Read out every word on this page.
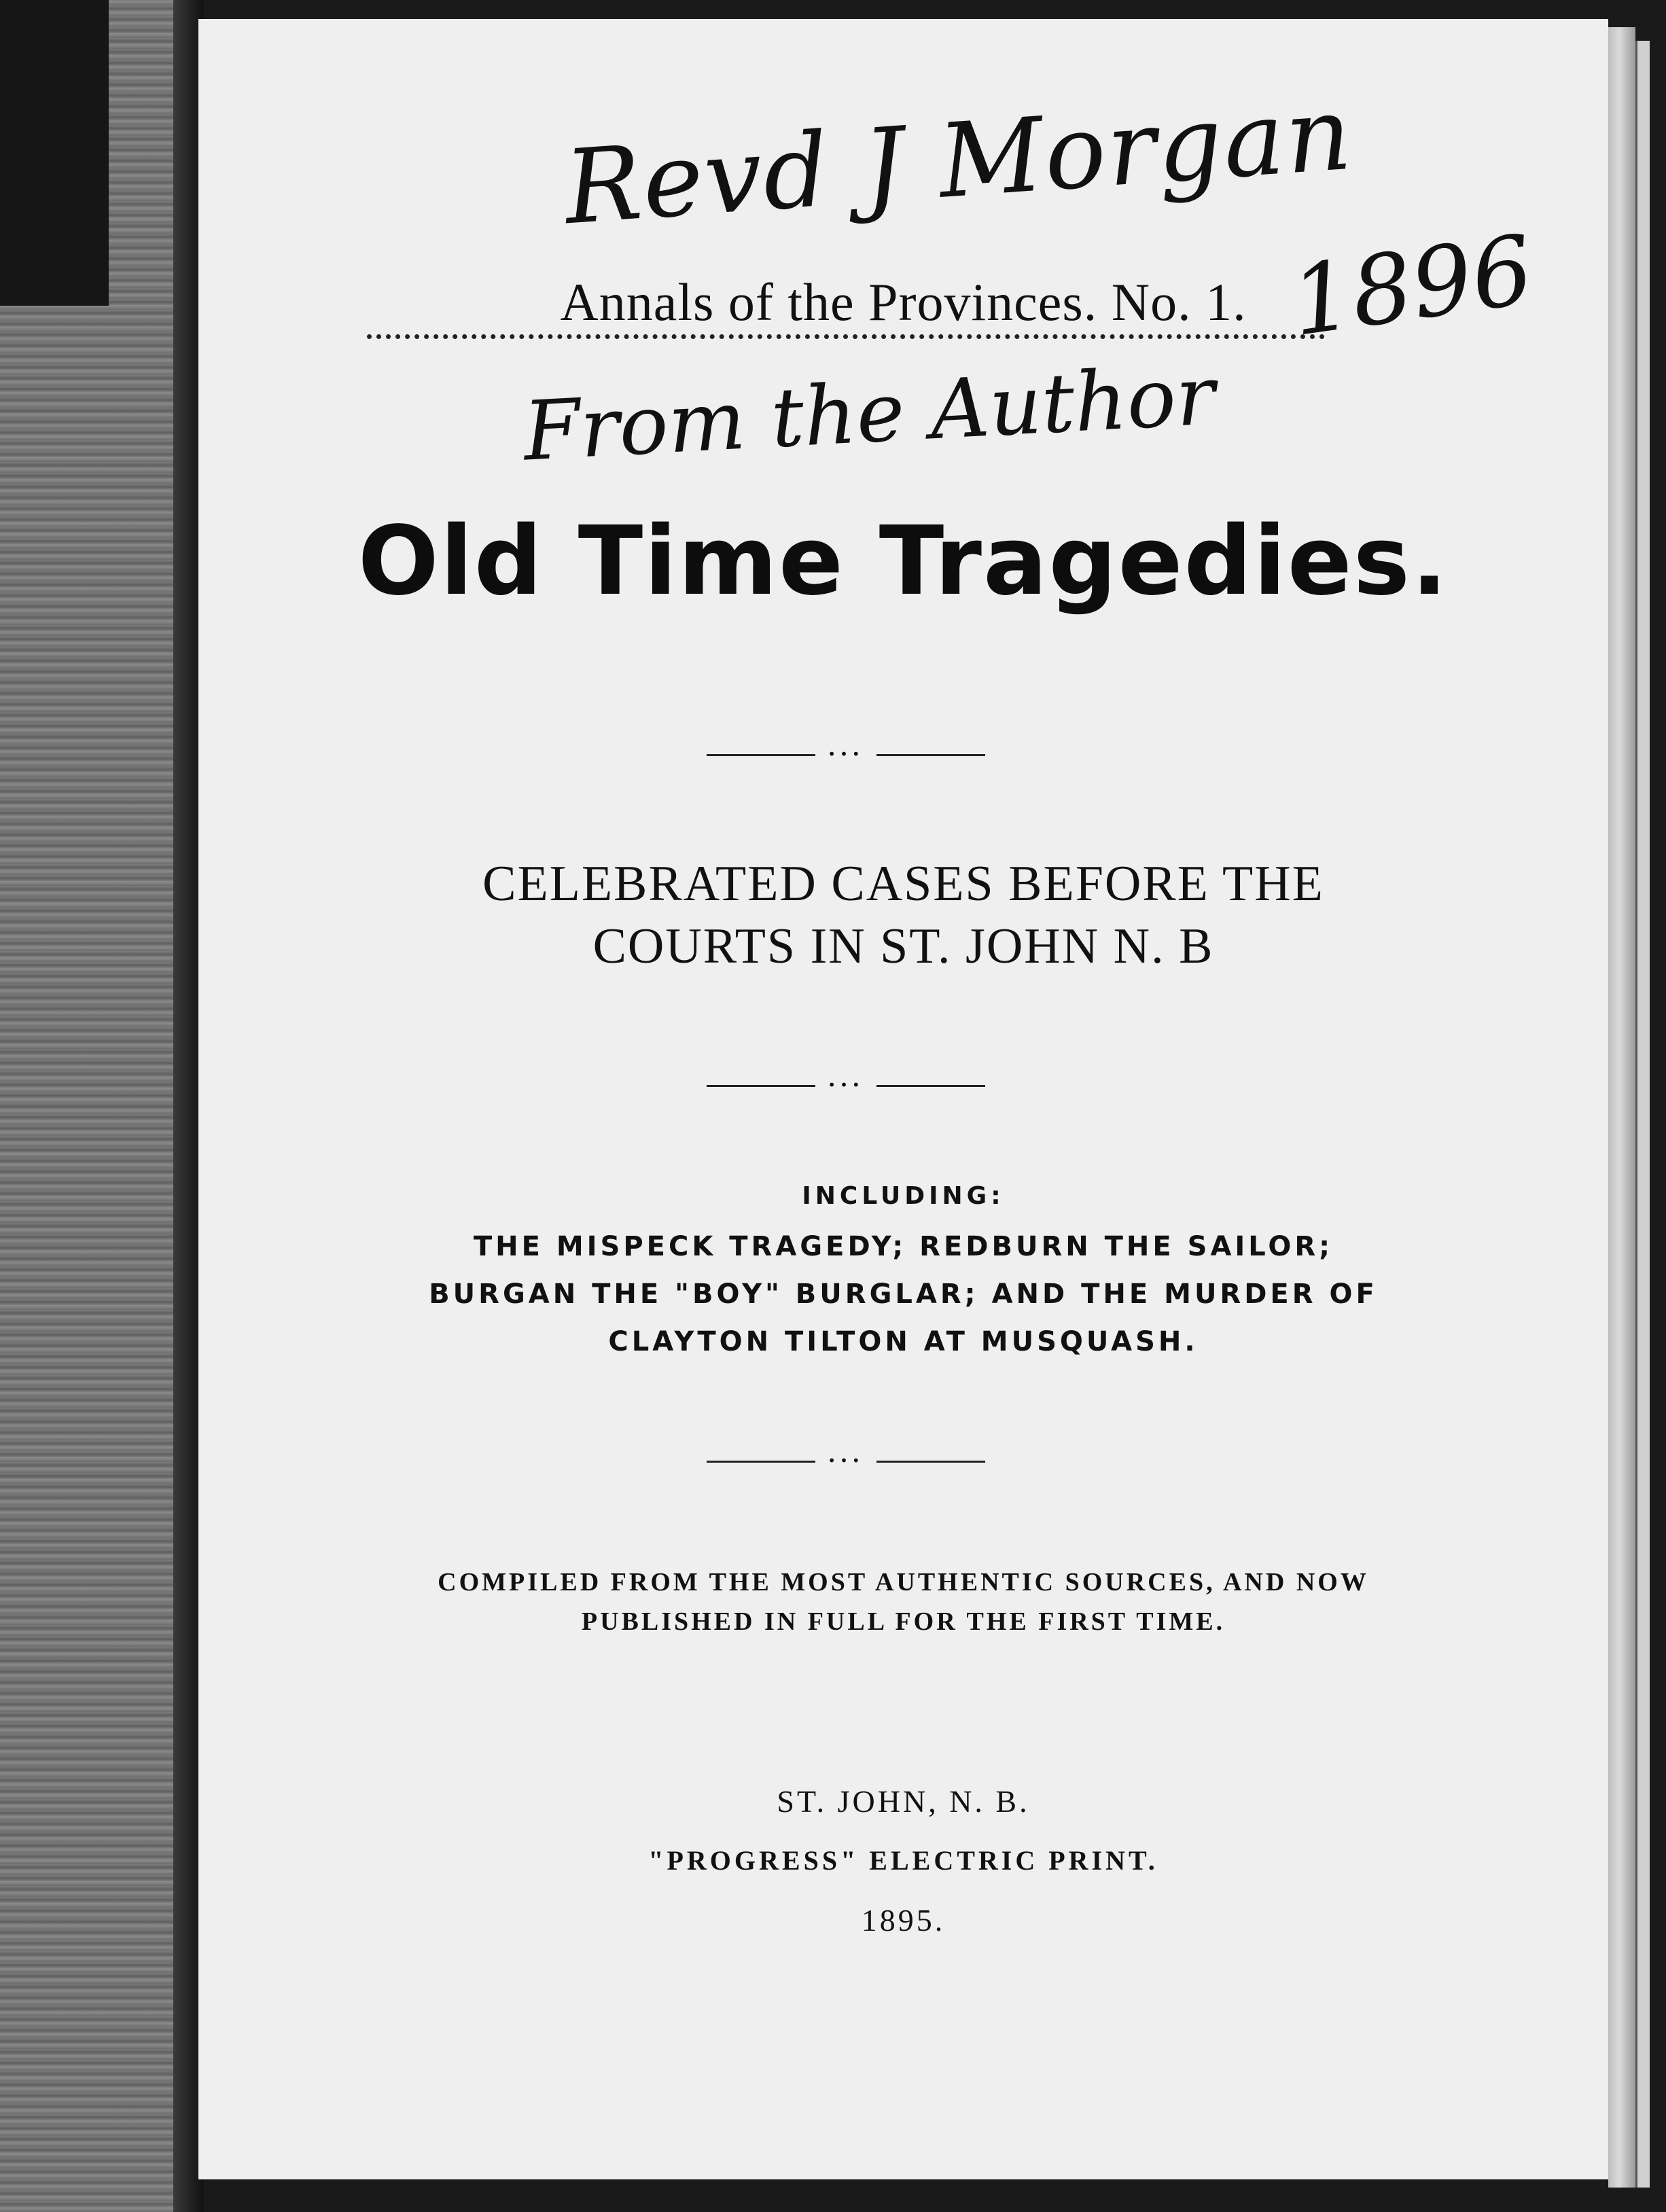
Revd J Morgan
1896
Annals of the Provinces. No. 1.
From the Author
Old Time Tragedies.
•••
CELEBRATED CASES BEFORE THE
COURTS IN ST. JOHN N. B
•••
INCLUDING:
THE MISPECK TRAGEDY; REDBURN THE SAILOR;
BURGAN THE "BOY" BURGLAR; AND THE MURDER OF
CLAYTON TILTON AT MUSQUASH.
•••
COMPILED FROM THE MOST AUTHENTIC SOURCES, AND NOW
PUBLISHED IN FULL FOR THE FIRST TIME.
ST. JOHN, N. B.
"PROGRESS" ELECTRIC PRINT.
1895.
